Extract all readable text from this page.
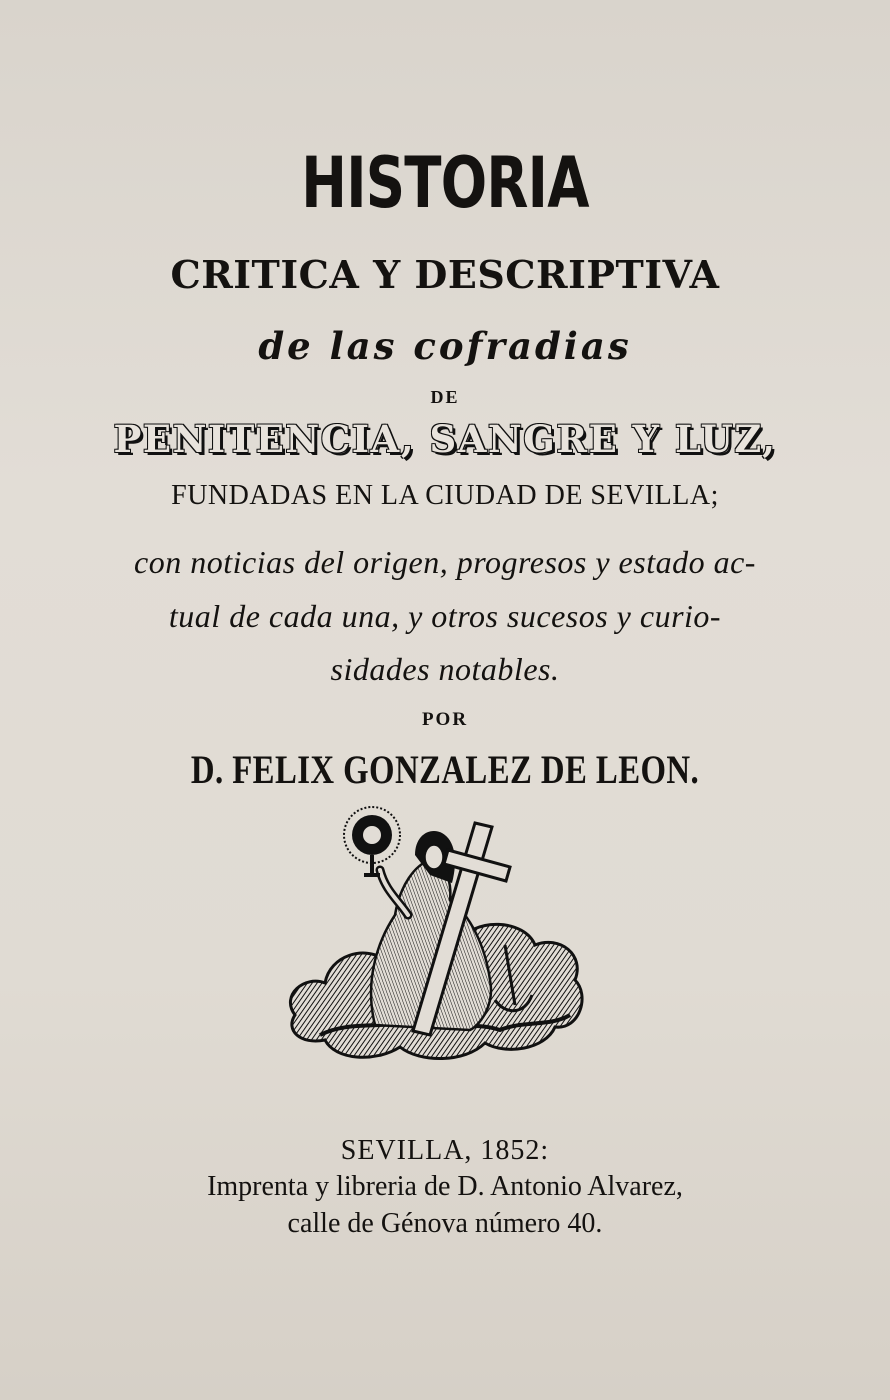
HISTORIA
CRITICA Y DESCRIPTIVA
de las cofradias
DE
PENITENCIA, SANGRE Y LUZ,
FUNDADAS EN LA CIUDAD DE SEVILLA;
con noticias del origen, progresos y estado ac-
tual de cada una, y otros sucesos y curio-
sidades notables.
POR
D. FELIX GONZALEZ DE LEON.
SEVILLA, 1852:
Imprenta y libreria de D. Antonio Alvarez,
calle de Génova número 40.
